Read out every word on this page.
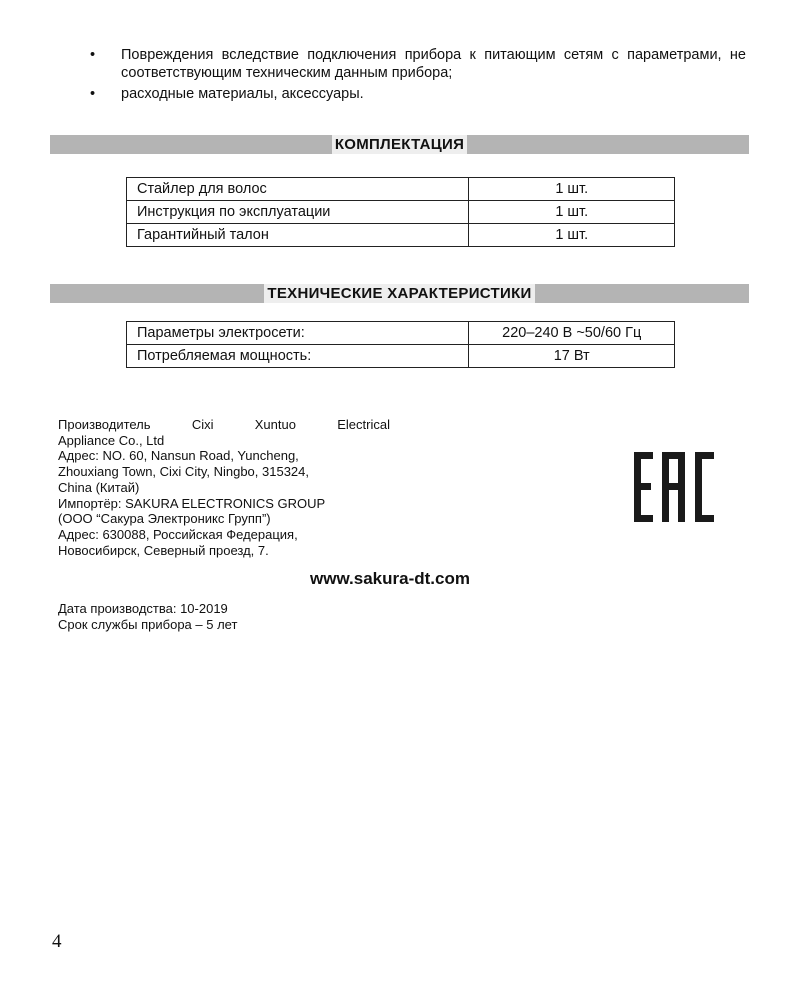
• Повреждения вследствие подключения прибора к питающим сетям с параметрами, не соответствующим техническим данным прибора;
• расходные материалы, аксессуары.
КОМПЛЕКТАЦИЯ
Стайлер для волос	1 шт.
Инструкция по эксплуатации	1 шт.
Гарантийный талон	1 шт.
ТЕХНИЧЕСКИЕ ХАРАКТЕРИСТИКИ
Параметры электросети:	220–240 В ~50/60 Гц
Потребляемая мощность:	17 Вт
Производитель	Cixi	Xuntuo	Electrical
Appliance Co., Ltd
Адрес: NO. 60, Nansun Road, Yuncheng,
Zhouxiang Town, Cixi City, Ningbo, 315324,
China (Китай)
Импортёр: SAKURA ELECTRONICS GROUP
(ООО “Сакура Электроникс Групп”)
Адрес: 630088, Российская Федерация,
Новосибирск, Северный проезд, 7.
www.sakura-dt.com
Дата производства: 10-2019
Срок службы прибора – 5 лет
4
